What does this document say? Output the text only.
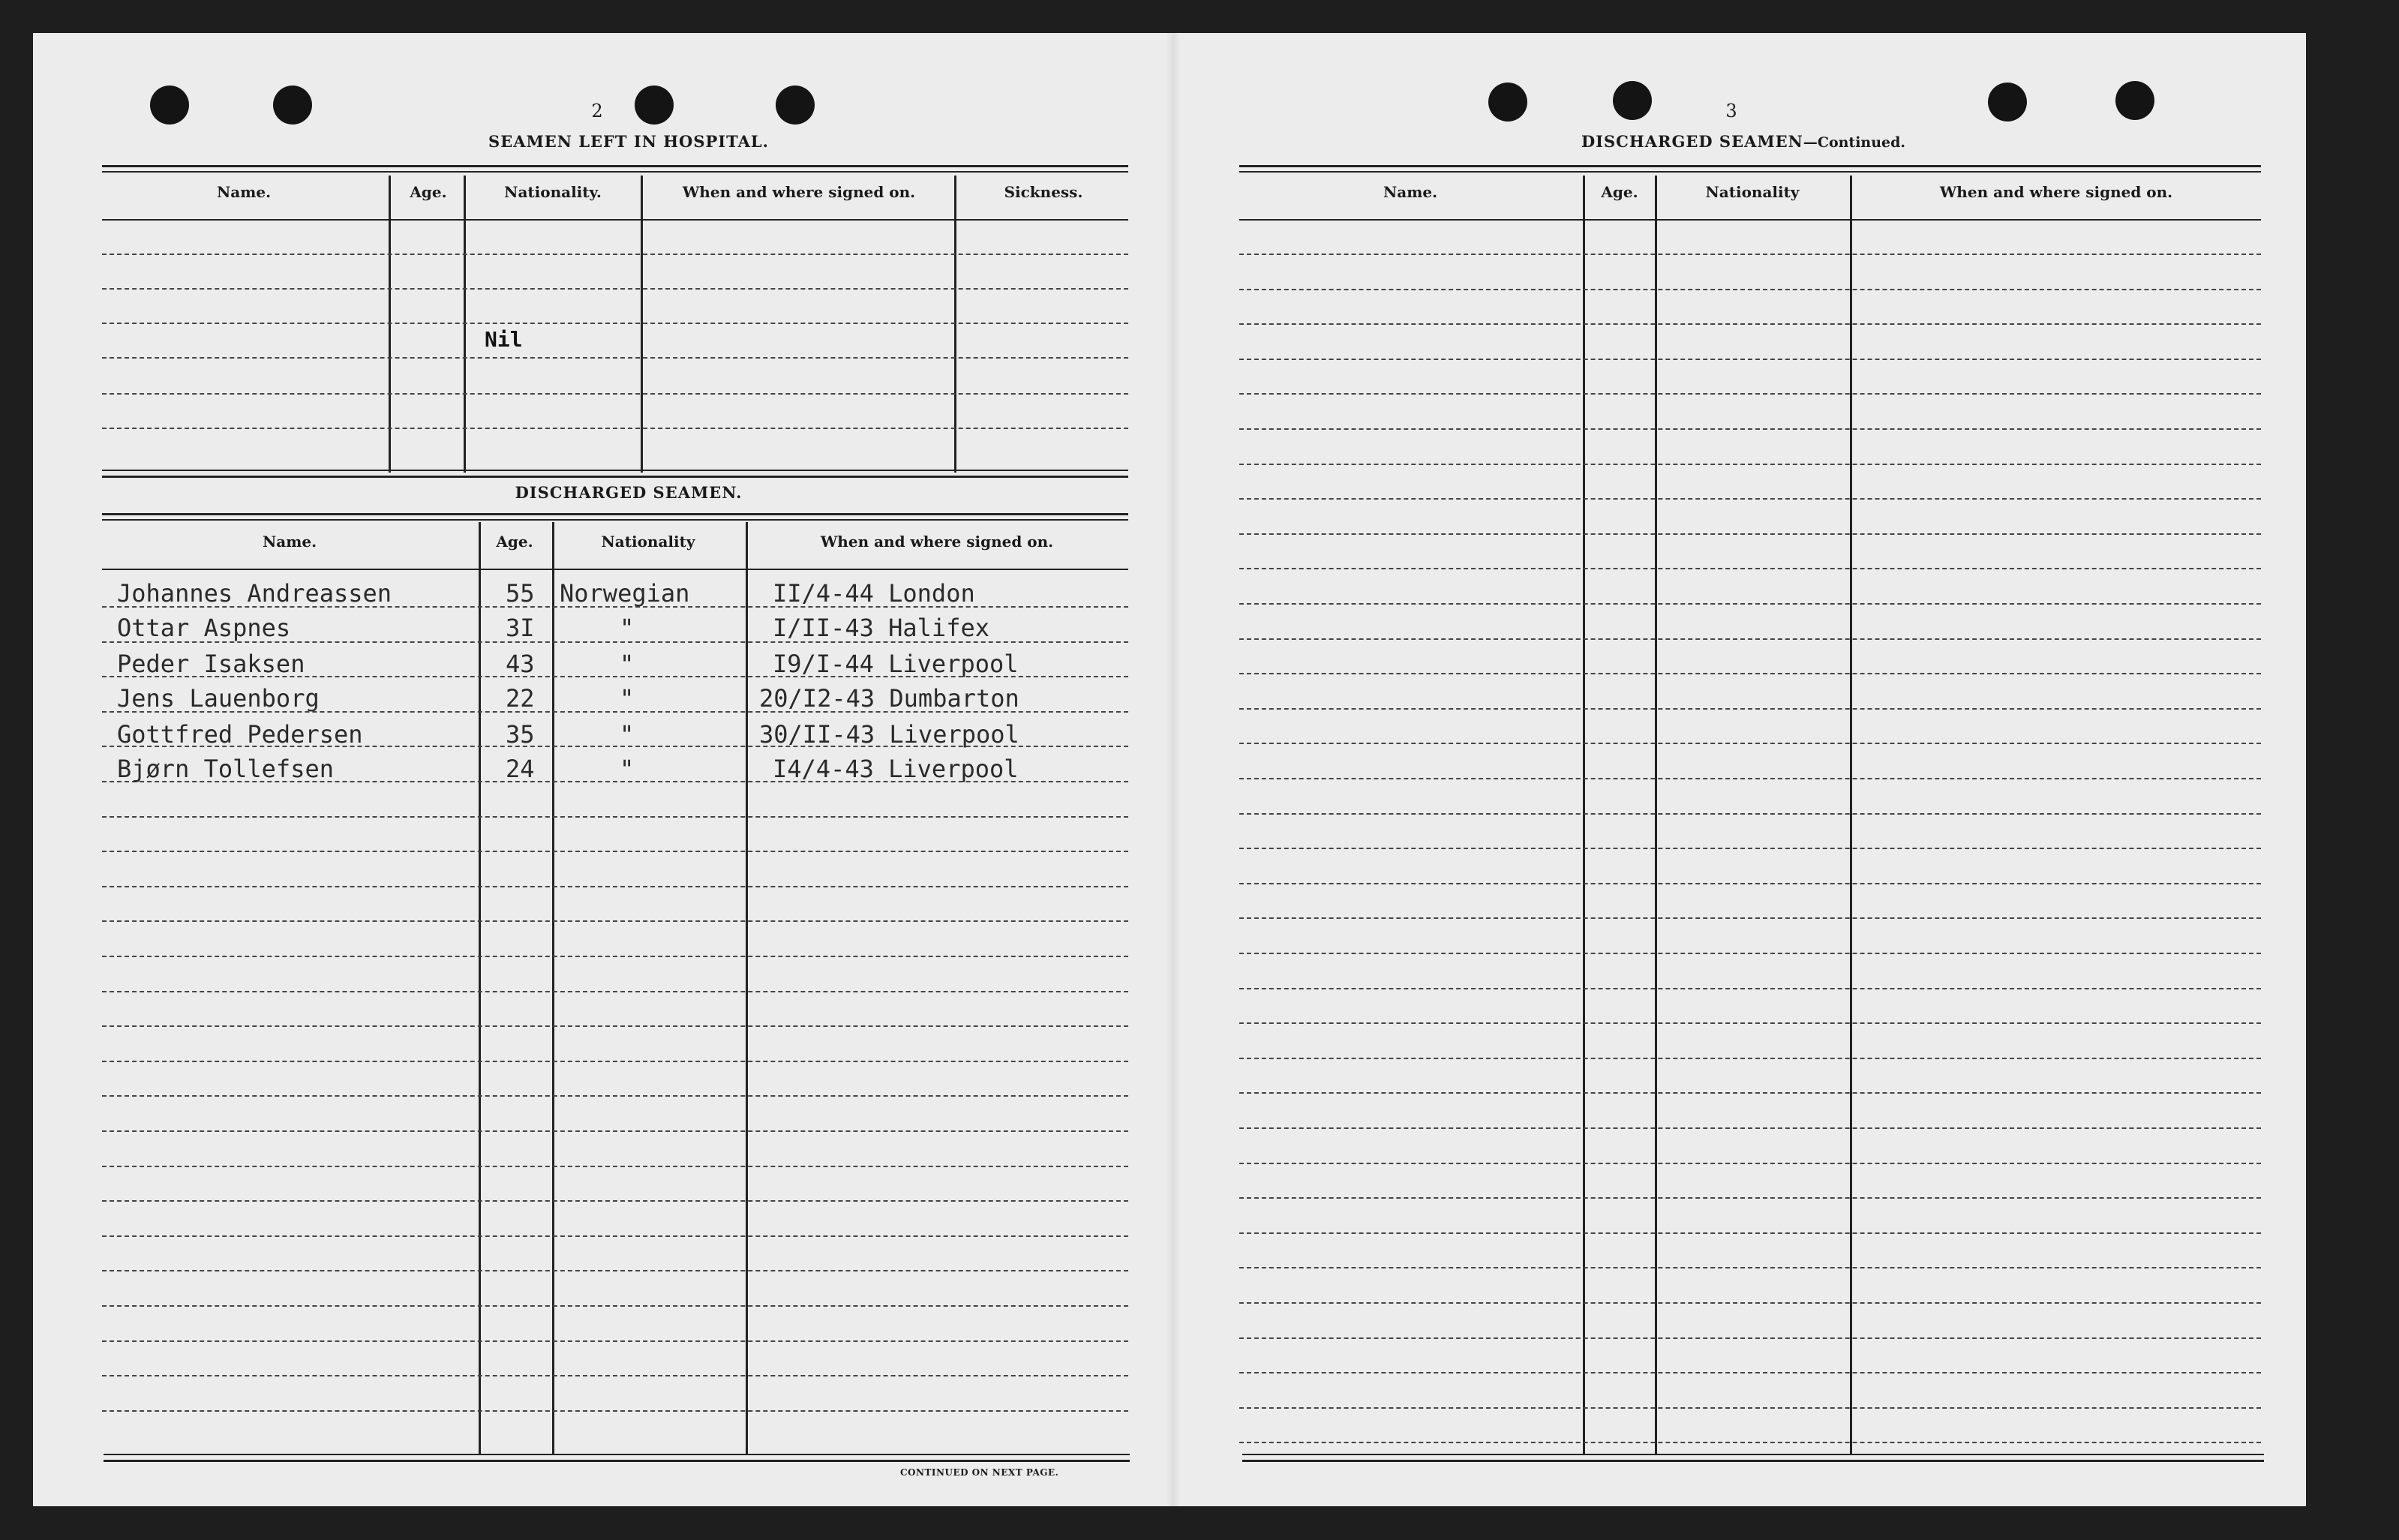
2
SEAMEN LEFT IN HOSPITAL.
Name.	Age.	Nationality.	When and where signed on.	Sickness.
Nil
DISCHARGED SEAMEN.
Name.	Age.	Nationality	When and where signed on.
Johannes Andreassen	55 Norwegian	II/4-44 London
Ottar Aspnes	3I	"	I/II-43 Halifex
Peder Isaksen	43	"	I9/I-44 Liverpool
Jens Lauenborg	22	"	20/I2-43 Dumbarton
Gottfred Pedersen	35	"	30/II-43 Liverpool
Bjørn Tollefsen	24	"	I4/4-43 Liverpool
CONTINUED ON NEXT PAGE.
3
DISCHARGED SEAMEN—Continued.
Name.	Age.	Nationality	When and where signed on.
